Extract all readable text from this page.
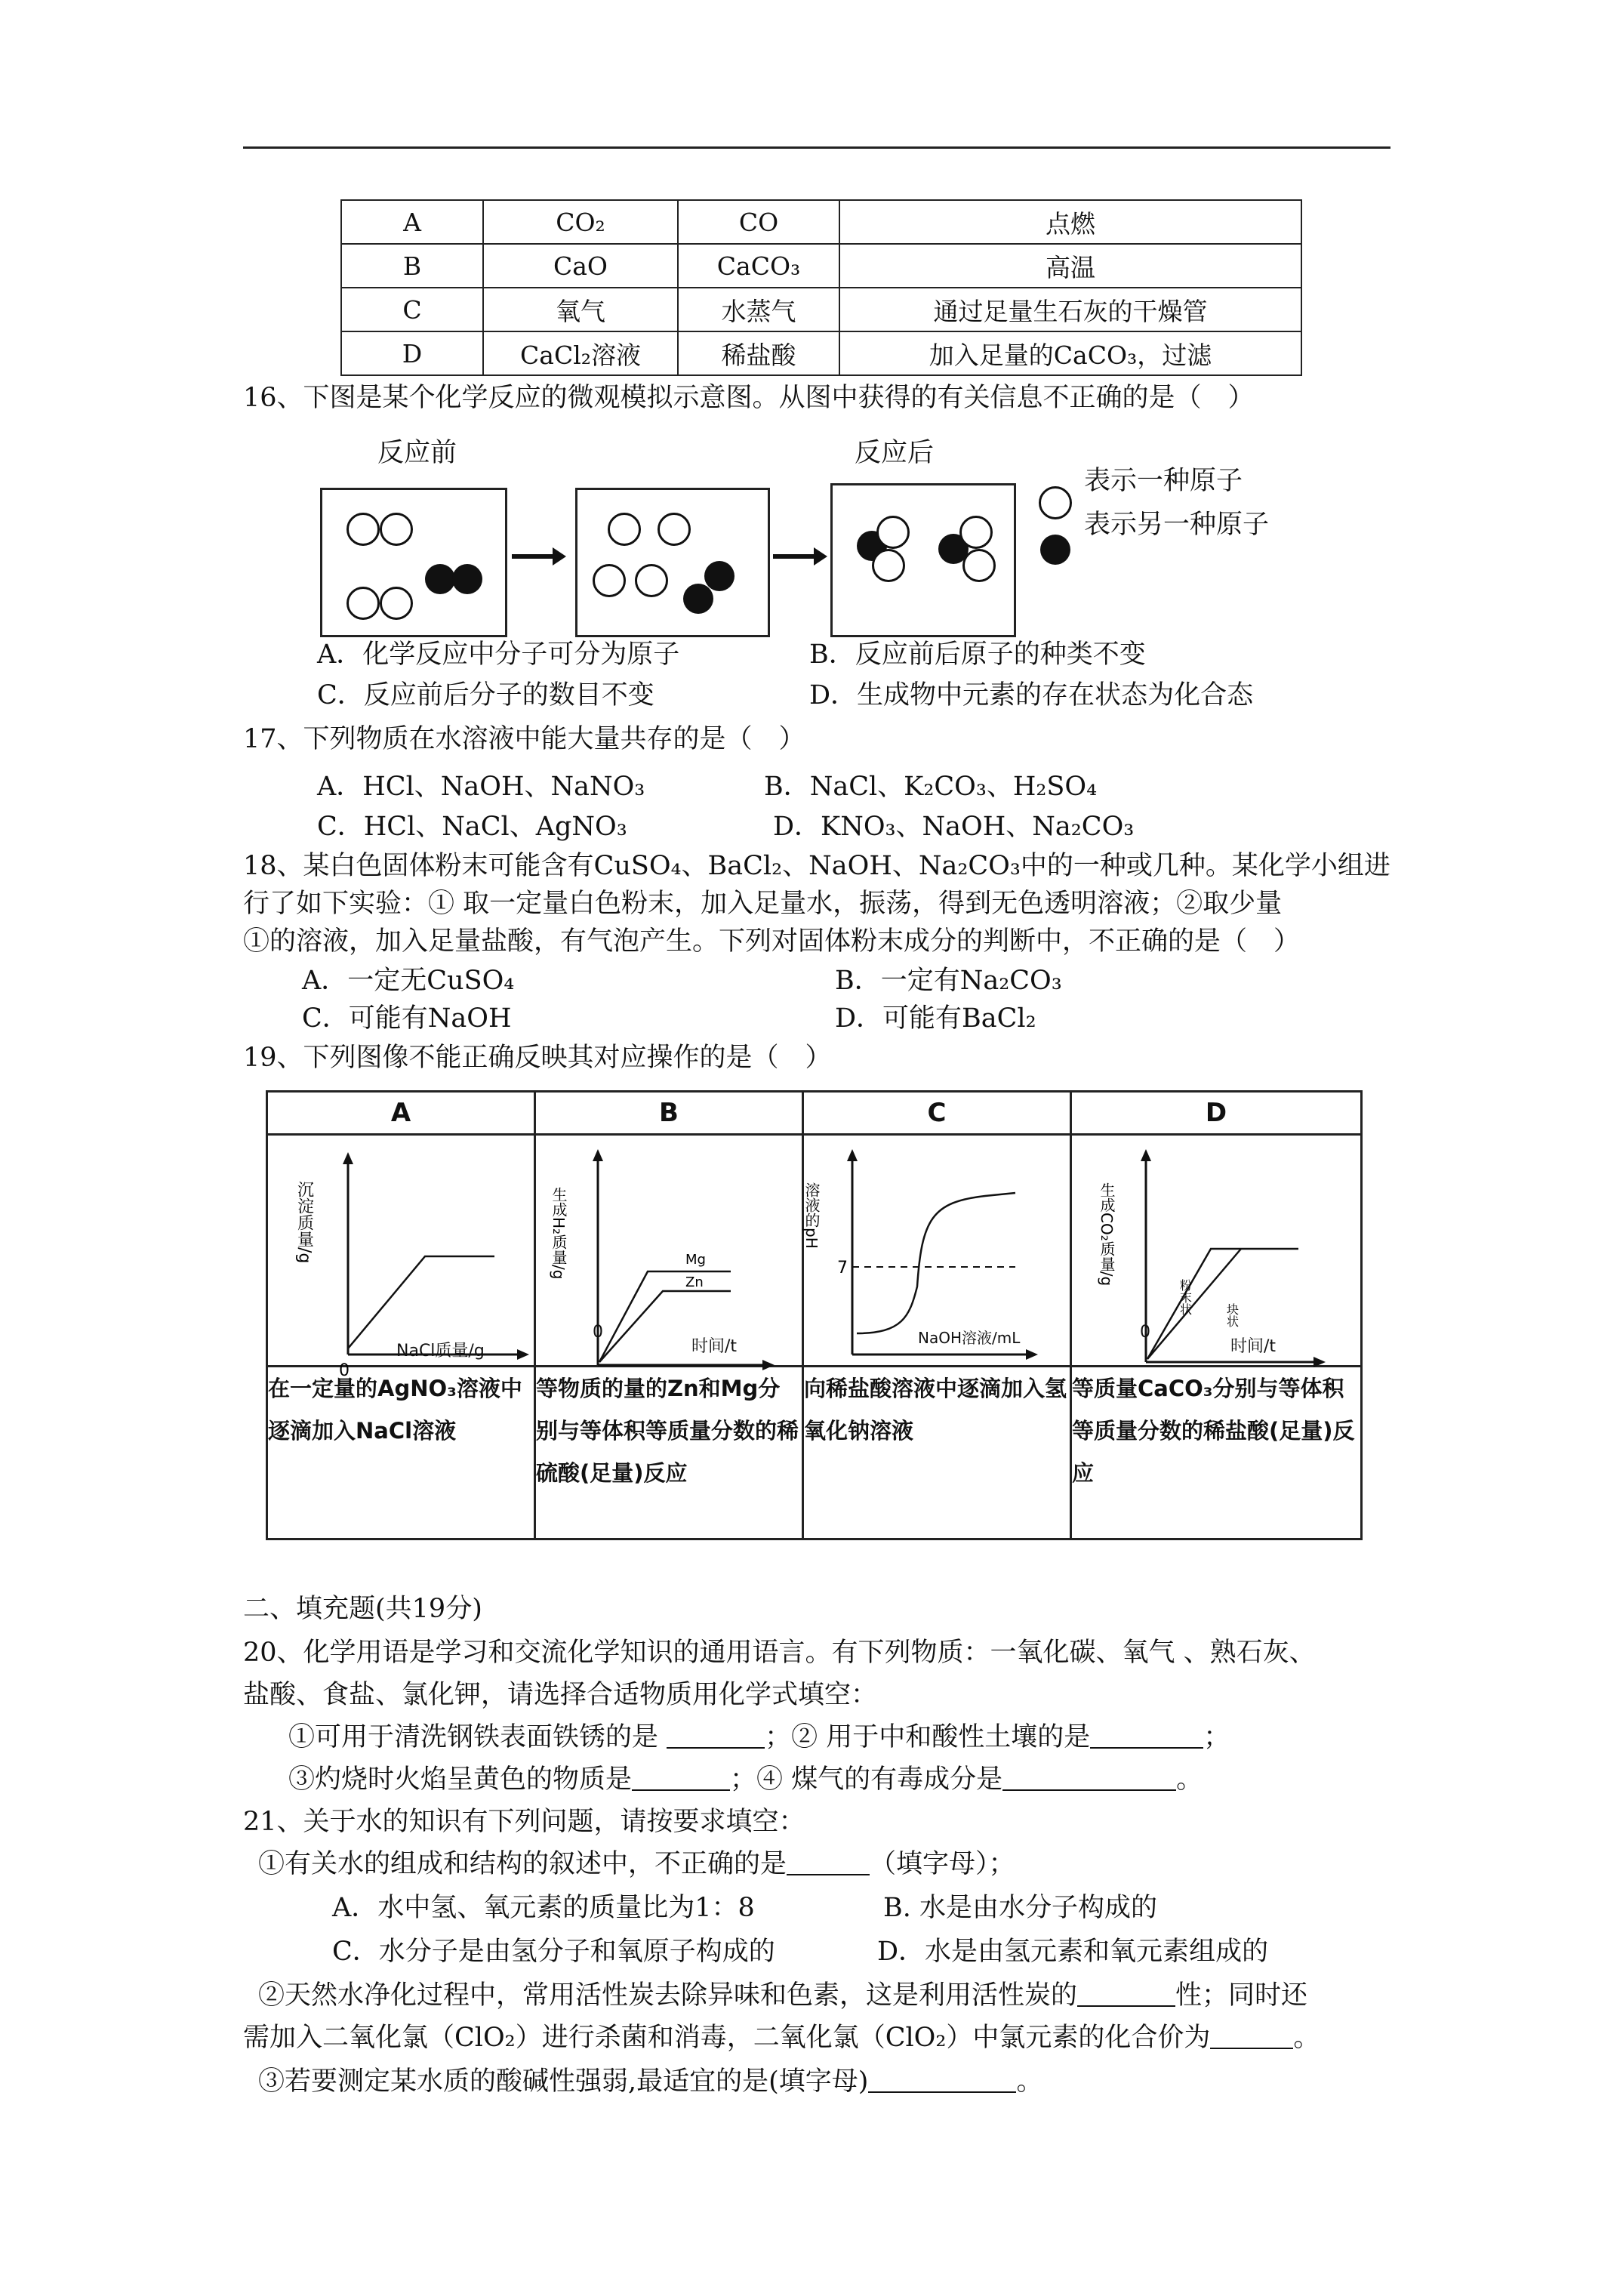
A	CO₂	CO	点燃
B	CaO	CaCO₃	高温
C	氧气	水蒸气	通过足量生石灰的干燥管
D	CaCl₂溶液	稀盐酸	加入足量的CaCO₃，过滤
16、下图是某个化学反应的微观模拟示意图。从图中获得的有关信息不正确的是（　）
反应前	反应后
表示一种原子
表示另一种原子
A．化学反应中分子可分为原子	B．反应前后原子的种类不变
C．反应前后分子的数目不变	D．生成物中元素的存在状态为化合态
17、下列物质在水溶液中能大量共存的是（　）
A．HCl、NaOH、NaNO₃	B．NaCl、K₂CO₃、H₂SO₄
C．HCl、NaCl、AgNO₃	D．KNO₃、NaOH、Na₂CO₃
18、某白色固体粉末可能含有CuSO₄、BaCl₂、NaOH、Na₂CO₃中的一种或几种。某化学小组进
行了如下实验：① 取一定量白色粉末，加入足量水，振荡，得到无色透明溶液；②取少量
①的溶液，加入足量盐酸，有气泡产生。下列对固体粉末成分的判断中，不正确的是（　）
A．一定无CuSO₄	B．一定有Na₂CO₃
C．可能有NaOH	D．可能有BaCl₂
19、下列图像不能正确反映其对应操作的是（　）
A	B	C	D

沉淀质量/g
0
NaCl质量/g	Mg
Zn
生成H₂质量/g	7
溶液的pH	粉末状 块状
生成CO₂质量/g

在一定量的AgNO₃溶液中逐滴加入NaCl溶液	等物质的量的Zn和Mg分别与等体积等质量分数的稀硫酸(足量)反应	向稀盐酸溶液中逐滴加入氢氧化钠溶液	等质量CaCO₃分别与等体积等质量分数的稀盐酸(足量)反应
时间/t
0	NaOH溶液/mL	时间/t
0
二、填充题(共19分)
20、化学用语是学习和交流化学知识的通用语言。有下列物质：一氧化碳、氧气 、熟石灰、
盐酸、食盐、氯化钾，请选择合适物质用化学式填空：
①可用于清洗钢铁表面铁锈的是	；② 用于中和酸性土壤的是	；
③灼烧时火焰呈黄色的物质是	；④ 煤气的有毒成分是	。
21、关于水的知识有下列问题，请按要求填空：
①有关水的组成和结构的叙述中，不正确的是	（填字母）；
A．水中氢、氧元素的质量比为1：8	B. 水是由水分子构成的
C．水分子是由氢分子和氧原子构成的	D．水是由氢元素和氧元素组成的
②天然水净化过程中，常用活性炭去除异味和色素，这是利用活性炭的	性；同时还
需加入二氧化氯（ClO₂）进行杀菌和消毒，二氧化氯（ClO₂）中氯元素的化合价为	。
③若要测定某水质的酸碱性强弱,最适宜的是(填字母)	。
